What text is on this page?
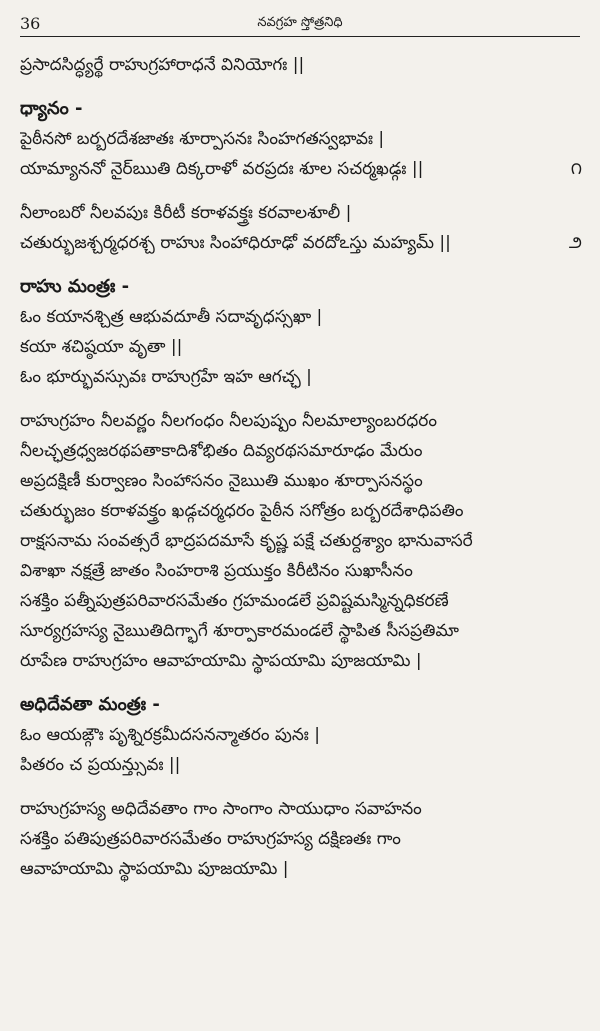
36	నవగ్రహ స్తోత్రనిధి
ప్రసాదసిద్ధ్యర్థే రాహుగ్రహారాధనే వినియోగః ||
ధ్యానం -
పైఠీనసో బర్బరదేశజాతః శూర్పాసనః సింహగతస్వభావః |
యామ్యాననో నైర్ఋతి దిక్కరాళో వరప్రదః శూల సచర్మఖడ్గః ||	౧
నీలాంబరో నీలవపుః కిరీటీ కరాళవక్త్రః కరవాలశూలీ |
చతుర్భుజశ్చర్మధరశ్చ రాహుః సింహాధిరూఢో వరదోఽస్తు మహ్యమ్ ||	౨
రాహు మంత్రః -
ఓం కయానశ్చిత్ర ఆభువదూతీ సదావృధస్సఖా |
కయా శచిష్ఠయా వృతా ||
ఓం భూర్భువస్సువః రాహుగ్రహే ఇహ ఆగచ్ఛ |
రాహుగ్రహం నీలవర్ణం నీలగంధం నీలపుష్పం నీలమాల్యాంబరధరం
నీలచ్ఛత్రధ్వజరథపతాకాదిశోభితం దివ్యరథసమారూఢం మేరుం
అప్రదక్షిణీ కుర్వాణం సింహాసనం నైఋతి ముఖం శూర్పాసనస్థం
చతుర్భుజం కరాళవక్త్రం ఖడ్గచర్మధరం పైఠీన సగోత్రం బర్బరదేశాధిపతిం
రాక్షసనామ సంవత్సరే భాద్రపదమాసే కృష్ణ పక్షే చతుర్దశ్యాం భానువాసరే
విశాఖా నక్షత్రే జాతం సింహరాశి ప్రయుక్తం కిరీటినం సుఖాసీనం
సశక్తిం పత్నీపుత్రపరివారసమేతం గ్రహమండలే ప్రవిష్టమస్మిన్నధికరణే
సూర్యగ్రహస్య నైఋతిదిగ్భాగే శూర్పాకారమండలే స్థాపిత సీసప్రతిమా
రూపేణ రాహుగ్రహం ఆవాహయామి స్థాపయామి పూజయామి |
అధిదేవతా మంత్రః -
ఓం ఆయఙ్గౌః పృశ్నిరక్రమీదసనన్మాతరం పునః |
పితరం చ ప్రయన్త్సువః ||
రాహుగ్రహస్య అధిదేవతాం గాం సాంగాం సాయుధాం సవాహనం
సశక్తిం పతిపుత్రపరివారసమేతం రాహుగ్రహస్య దక్షిణతః గాం
ఆవాహయామి స్థాపయామి పూజయామి |
